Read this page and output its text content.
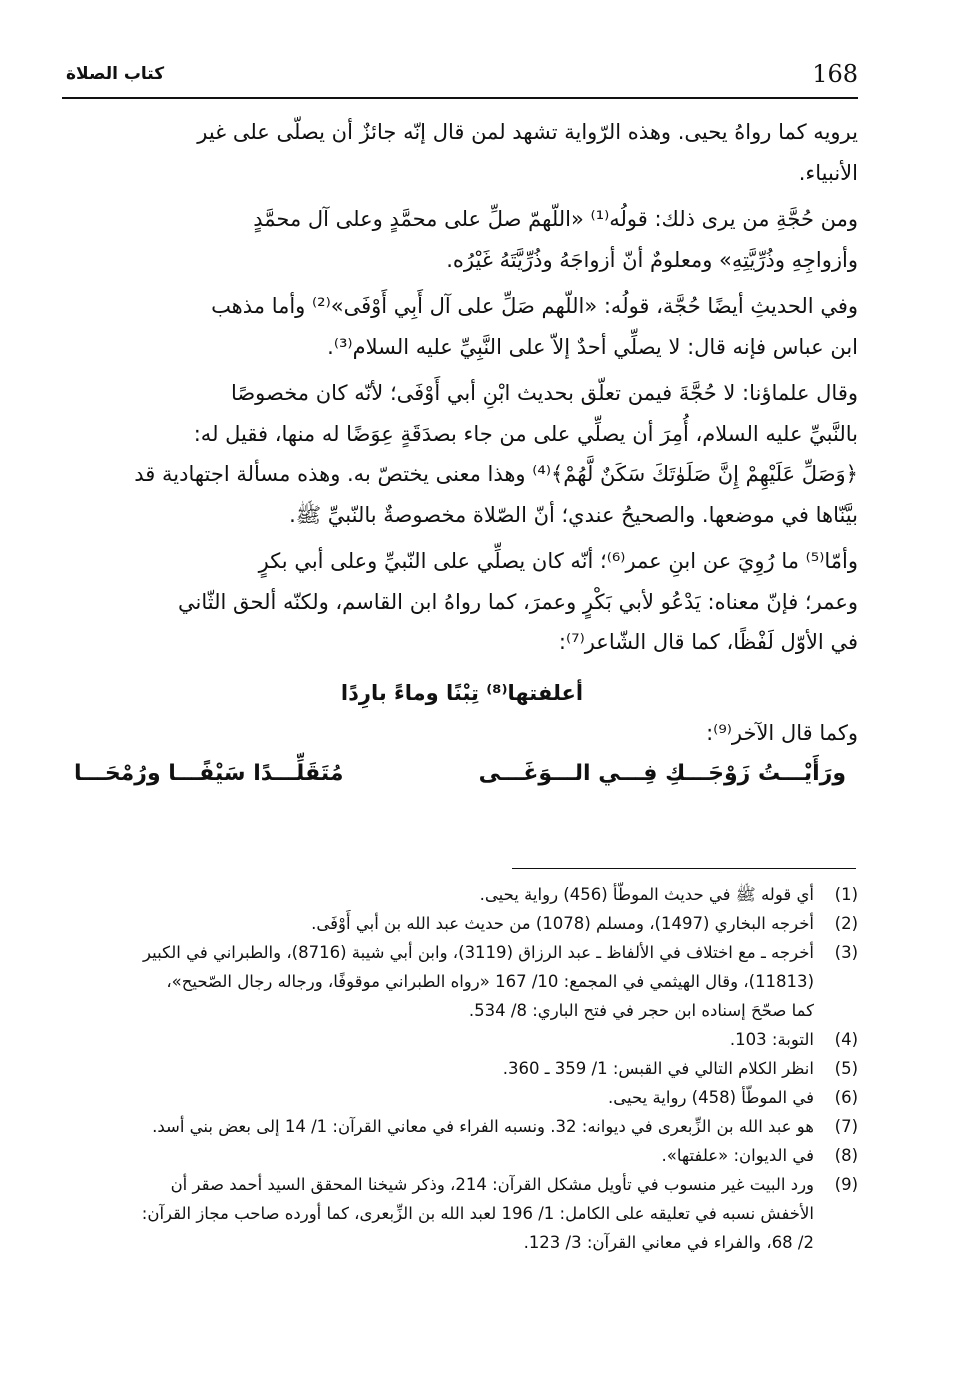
168
كتاب الصلاة

يرويه كما رواهُ يحيى. وهذه الرّواية تشهد لمن قال إنّه جائزٌ أن يصلّى على غير
الأنبياء.

ومن حُجَّةِ من يرى ذلك: قولُه⁽¹⁾ «اللّهمّ صلِّ على محمَّدٍ وعلى آل محمَّدٍ
وأزواجِهِ وذُرِّيَّتِهِ» ومعلومٌ أنّ أزواجَهُ وذُرِّيَّتَهُ غَيْرُه.

وفي الحديثِ أيضًا حُجَّة، قولُه: «اللّهم صَلِّ على آل أَبِي أَوْفَى»⁽²⁾ وأما مذهب
ابن عباس فإنه قال: لا يصلِّي أحدٌ إلاّ على النَّبِيِّ عليه السلام⁽³⁾.

وقال علماؤنا: لا حُجَّةَ فيمن تعلّق بحديث ابْنِ أبي أَوْفَى؛ لأنّه كان مخصوصًا
بالنَّبيِّ عليه السلام، أُمِرَ أن يصلِّي على من جاء بصدَقَةٍ عِوَضًا له منها، فقيل له:
﴿وَصَلِّ عَلَيْهِمْ إِنَّ صَلَوٰتَكَ سَكَنٌ لَّهُمْ﴾⁽⁴⁾ وهذا معنى يختصّ به. وهذه مسألة اجتهادية قد
بيَّنّاها في موضعها. والصحيحُ عندي؛ أنّ الصّلاة مخصوصةٌ بالنّبيِّ ﷺ.

وأمّا⁽⁵⁾ ما رُوِيَ عن ابنِ عمر⁽⁶⁾؛ أنّه كان يصلِّي على النّبيِّ وعلى أبي بكرٍ
وعمر؛ فإنّ معناه: يَدْعُو لأبي بَكْرٍ وعمرَ، كما رواهُ ابن القاسم، ولكنّه ألحق الثّاني
في الأوّل لَفْظًا، كما قال الشّاعر⁽⁷⁾:

أعلفتها⁽⁸⁾ تِبْنًا وماءً بارِدًا

وكما قال الآخر⁽⁹⁾:

ورَأَيْـــتُ زَوْجَـــكِ فِـــي الـــوَغَـــى
مُتَقَلِّـــدًا سَيْفًـــا ورُمْحَـــا
(1)
أي قوله ﷺ في حديث الموطّأ (456) رواية يحيى.
(2)
أخرجه البخاري (1497)، ومسلم (1078) من حديث عبد الله بن أبي أَوْفَى.
(3)
أخرجه ـ مع اختلاف في الألفاظ ـ عبد الرزاق (3119)، وابن أبي شيبة (8716)، والطبراني في الكبير
(11813)، وقال الهيثمي في المجمع: 10/ 167 «رواه الطبراني موقوفًا، ورجاله رجال الصّحيح»،
كما صحّحَ إسناده ابن حجر في فتح الباري: 8/ 534.
(4)
التوبة: 103.
(5)
انظر الكلام التالي في القبس: 1/ 359 ـ 360.
(6)
في الموطّأ (458) رواية يحيى.
(7)
هو عبد الله بن الزِّبعرى في ديوانه: 32. ونسبه الفراء في معاني القرآن: 1/ 14 إلى بعض بني أسد.
(8)
في الديوان: «علفتها».
(9)
ورد البيت غير منسوب في تأويل مشكل القرآن: 214، وذكر شيخنا المحقق السيد أحمد صقر أن
الأخفش نسبه في تعليقه على الكامل: 1/ 196 لعبد الله بن الزِّبعرى، كما أورده صاحب مجاز القرآن:
2/ 68، والفراء في معاني القرآن: 3/ 123.
